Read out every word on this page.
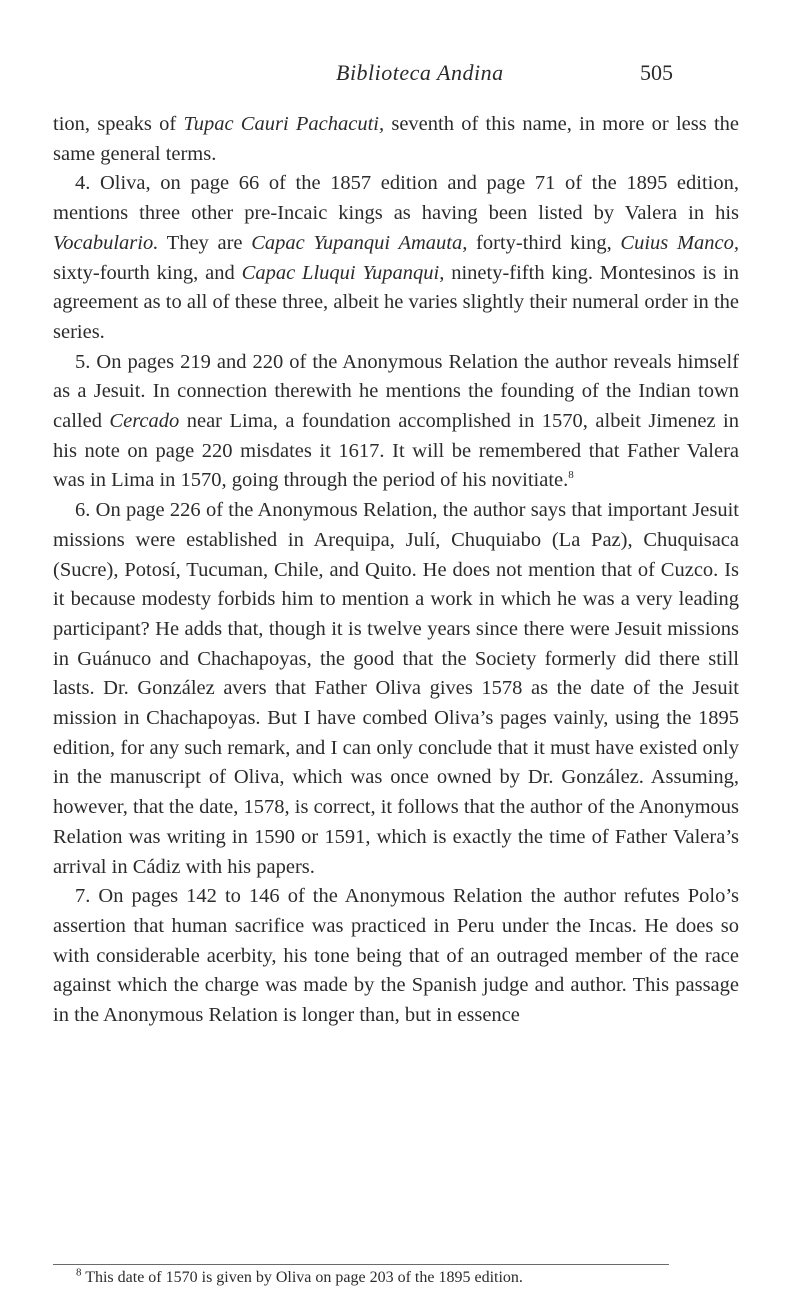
Biblioteca Andina	505

tion, speaks of Tupac Cauri Pachacuti, seventh of this name, in more or less the same general terms.

4. Oliva, on page 66 of the 1857 edition and page 71 of the 1895 edition, mentions three other pre-Incaic kings as having been listed by Valera in his Vocabulario. They are Capac Yupanqui Amauta, forty-third king, Cuius Manco, sixty-fourth king, and Capac Lluqui Yupanqui, ninety-fifth king. Montesinos is in agreement as to all of these three, albeit he varies slightly their numeral order in the series.

5. On pages 219 and 220 of the Anonymous Relation the author reveals himself as a Jesuit. In connection therewith he mentions the founding of the Indian town called Cercado near Lima, a foundation accomplished in 1570, albeit Jimenez in his note on page 220 misdates it 1617. It will be remembered that Father Valera was in Lima in 1570, going through the period of his novitiate.$^8$

6. On page 226 of the Anonymous Relation, the author says that important Jesuit missions were established in Arequipa, Julí, Chuquiabo (La Paz), Chuquisaca (Sucre), Potosí, Tucuman, Chile, and Quito. He does not mention that of Cuzco. Is it because modesty forbids him to mention a work in which he was a very leading participant? He adds that, though it is twelve years since there were Jesuit missions in Guánuco and Chachapoyas, the good that the Society formerly did there still lasts. Dr. González avers that Father Oliva gives 1578 as the date of the Jesuit mission in Chachapoyas. But I have combed Oliva’s pages vainly, using the 1895 edition, for any such remark, and I can only conclude that it must have existed only in the manuscript of Oliva, which was once owned by Dr. González. Assuming, however, that the date, 1578, is correct, it follows that the author of the Anonymous Relation was writing in 1590 or 1591, which is exactly the time of Father Valera’s arrival in Cádiz with his papers.

7. On pages 142 to 146 of the Anonymous Relation the author refutes Polo’s assertion that human sacrifice was practiced in Peru under the Incas. He does so with considerable acerbity, his tone being that of an outraged member of the race against which the charge was made by the Spanish judge and author. This passage in the Anonymous Relation is longer than, but in essence

$^8$ This date of 1570 is given by Oliva on page 203 of the 1895 edition.
